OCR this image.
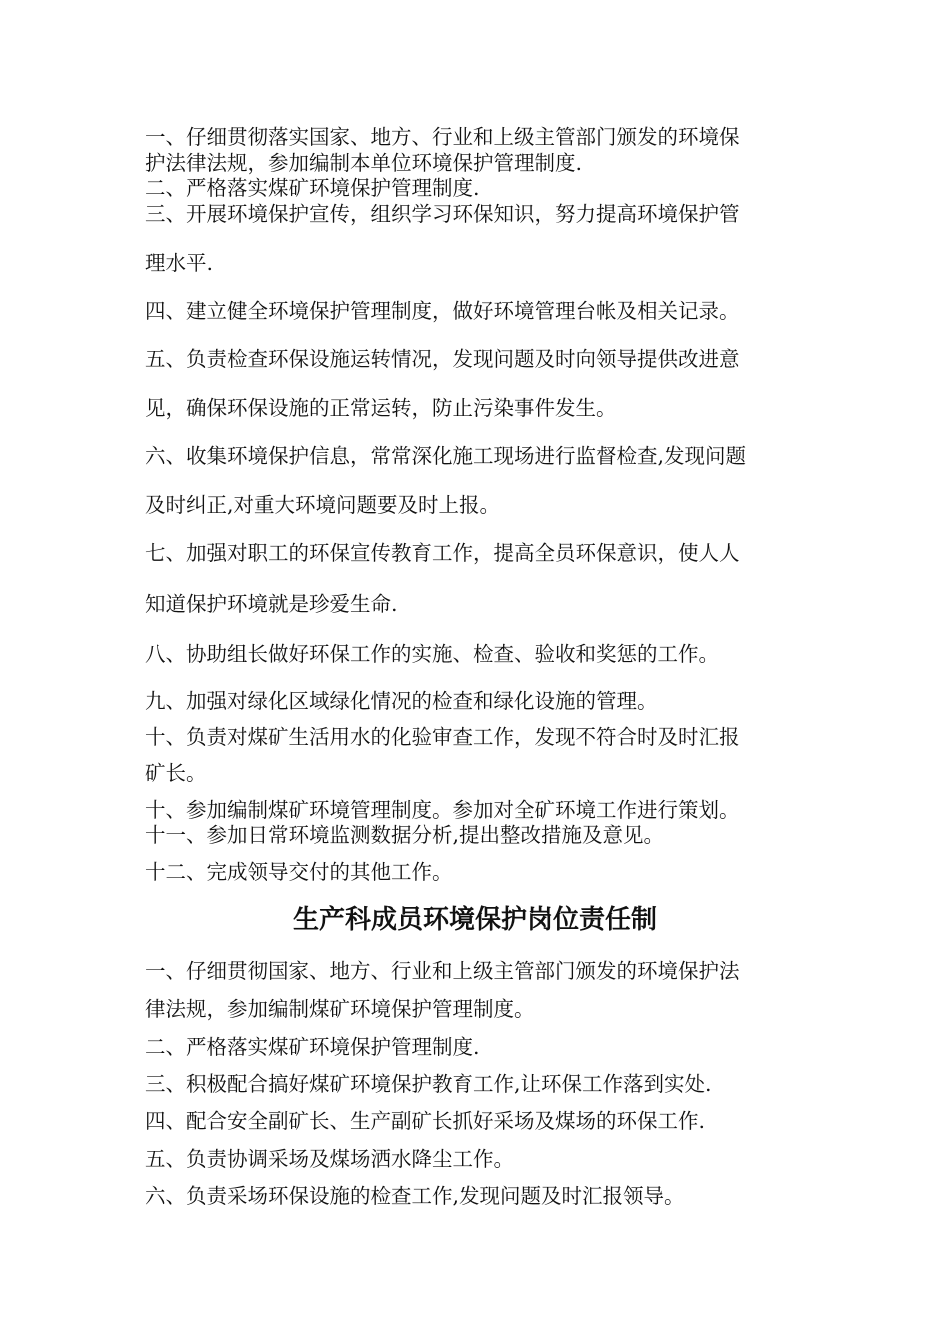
一、仔细贯彻落实国家、地方、行业和上级主管部门颁发的环境保
护法律法规，参加编制本单位环境保护管理制度.
二、严格落实煤矿环境保护管理制度.
三、开展环境保护宣传，组织学习环保知识，努力提高环境保护管
理水平.
四、建立健全环境保护管理制度，做好环境管理台帐及相关记录。
五、负责检查环保设施运转情况，发现问题及时向领导提供改进意
见，确保环保设施的正常运转，防止污染事件发生。
六、收集环境保护信息，常常深化施工现场进行监督检查,发现问题
及时纠正,对重大环境问题要及时上报。
七、加强对职工的环保宣传教育工作，提高全员环保意识，使人人
知道保护环境就是珍爱生命.
八、协助组长做好环保工作的实施、检查、验收和奖惩的工作。
九、加强对绿化区域绿化情况的检查和绿化设施的管理。
十、负责对煤矿生活用水的化验审查工作，发现不符合时及时汇报
矿长。
十、参加编制煤矿环境管理制度。参加对全矿环境工作进行策划。
十一、参加日常环境监测数据分析,提出整改措施及意见。
十二、完成领导交付的其他工作。
生产科成员环境保护岗位责任制
一、仔细贯彻国家、地方、行业和上级主管部门颁发的环境保护法
律法规，参加编制煤矿环境保护管理制度。
二、严格落实煤矿环境保护管理制度.
三、积极配合搞好煤矿环境保护教育工作,让环保工作落到实处.
四、配合安全副矿长、生产副矿长抓好采场及煤场的环保工作.
五、负责协调采场及煤场洒水降尘工作。
六、负责采场环保设施的检查工作,发现问题及时汇报领导。
